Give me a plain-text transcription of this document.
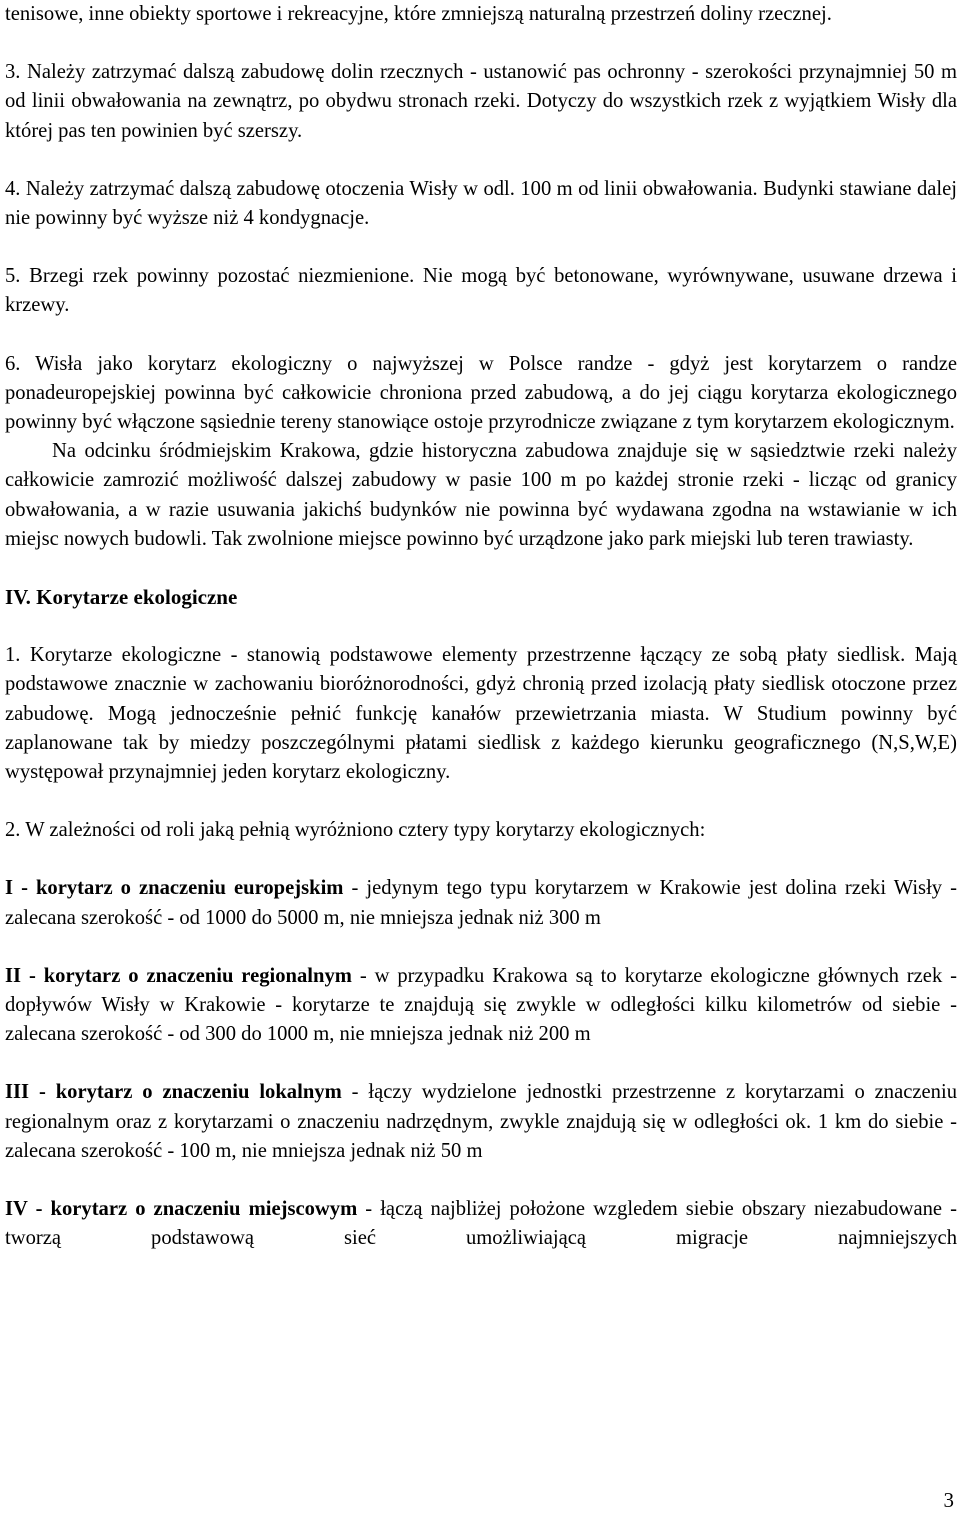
tenisowe, inne obiekty sportowe i rekreacyjne, które zmniejszą naturalną przestrzeń doliny rzecznej.

3. Należy zatrzymać dalszą zabudowę dolin rzecznych - ustanowić pas ochronny - szerokości przynajmniej 50 m od linii obwałowania na zewnątrz, po obydwu stronach rzeki. Dotyczy do wszystkich rzek z wyjątkiem Wisły dla której pas ten powinien być szerszy.

4. Należy zatrzymać dalszą zabudowę otoczenia Wisły w odl. 100 m od linii obwałowania. Budynki stawiane dalej nie powinny być wyższe niż 4 kondygnacje.

5. Brzegi rzek powinny pozostać niezmienione. Nie mogą być betonowane, wyrównywane, usuwane drzewa i krzewy.

6. Wisła jako korytarz ekologiczny o najwyższej w Polsce randze - gdyż jest korytarzem o randze ponadeuropejskiej powinna być całkowicie chroniona przed zabudową, a do jej ciągu korytarza ekologicznego powinny być włączone sąsiednie tereny stanowiące ostoje przyrodnicze związane z tym korytarzem ekologicznym.

Na odcinku śródmiejskim Krakowa, gdzie historyczna zabudowa znajduje się w sąsiedztwie rzeki należy całkowicie zamrozić możliwość dalszej zabudowy w pasie 100 m po każdej stronie rzeki - licząc od granicy obwałowania, a w razie usuwania jakichś budynków nie powinna być wydawana zgodna na wstawianie w ich miejsc nowych budowli. Tak zwolnione miejsce powinno być urządzone jako park miejski lub teren trawiasty.

IV. Korytarze ekologiczne

1. Korytarze ekologiczne - stanowią podstawowe elementy przestrzenne łączący ze sobą płaty siedlisk. Mają podstawowe znacznie w zachowaniu bioróżnorodności, gdyż chronią przed izolacją płaty siedlisk otoczone przez zabudowę. Mogą jednocześnie pełnić funkcję kanałów przewietrzania miasta. W Studium powinny być zaplanowane tak by miedzy poszczególnymi płatami siedlisk z każdego kierunku geograficznego (N,S,W,E) występował przynajmniej jeden korytarz ekologiczny.

2. W zależności od roli jaką pełnią wyróżniono cztery typy korytarzy ekologicznych:

I - korytarz o znaczeniu europejskim - jedynym tego typu korytarzem w Krakowie jest dolina rzeki Wisły - zalecana szerokość - od 1000 do 5000 m, nie mniejsza jednak niż 300 m

II - korytarz o znaczeniu regionalnym - w przypadku Krakowa są to korytarze ekologiczne głównych rzek - dopływów Wisły w Krakowie - korytarze te znajdują się zwykle w odległości kilku kilometrów od siebie - zalecana szerokość - od 300 do 1000 m, nie mniejsza jednak niż 200 m

III - korytarz o znaczeniu lokalnym - łączy wydzielone jednostki przestrzenne z korytarzami o znaczeniu regionalnym oraz z korytarzami o znaczeniu nadrzędnym, zwykle znajdują się w odległości ok. 1 km do siebie - zalecana szerokość - 100 m, nie mniejsza jednak niż 50 m

IV - korytarz o znaczeniu miejscowym - łączą najbliżej położone wzgledem siebie obszary niezabudowane - tworzą podstawową sieć umożliwiającą migracje najmniejszych

3
